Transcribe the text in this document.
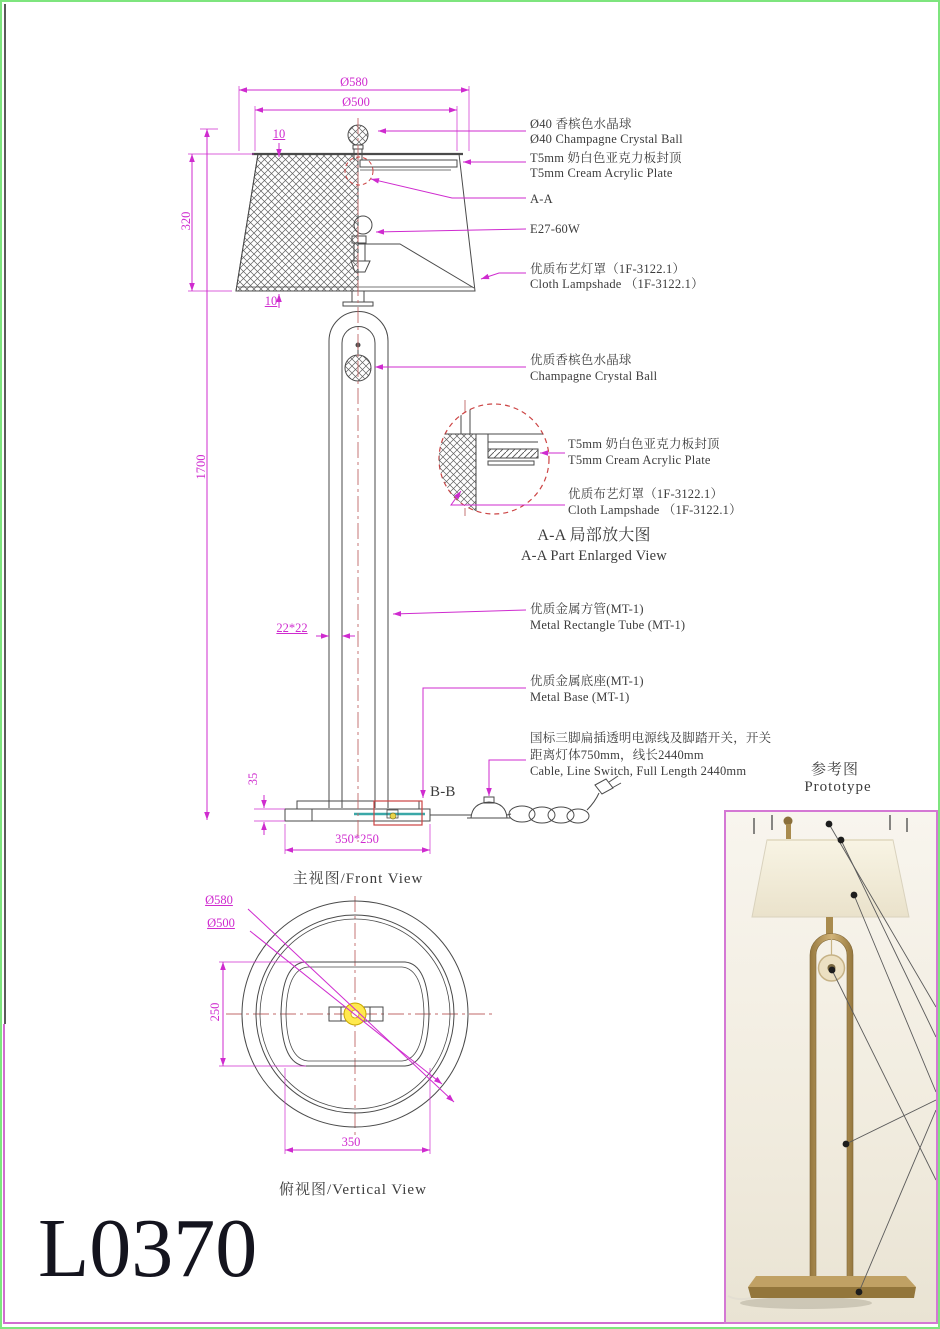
Ø580
Ø500
10
320
10
1700
22*22
35
350*250
Ø580
Ø500
250
350
Ø40 香槟色水晶球
Ø40 Champagne Crystal Ball
T5mm 奶白色亚克力板封顶
T5mm Cream Acrylic Plate
A-A
E27-60W
优质布艺灯罩（1F-3122.1）
Cloth Lampshade （1F-3122.1）
优质香槟色水晶球
Champagne Crystal Ball
T5mm 奶白色亚克力板封顶
T5mm Cream Acrylic Plate
优质布艺灯罩（1F-3122.1）
Cloth Lampshade （1F-3122.1）
A-A 局部放大图
A-A Part Enlarged View
优质金属方管(MT-1)
Metal Rectangle Tube (MT-1)
优质金属底座(MT-1)
Metal Base (MT-1)
国标三脚扁插透明电源线及脚踏开关，开关
距离灯体750mm，线长2440mm
Cable, Line Switch, Full Length 2440mm
B-B
主视图/Front View
俯视图/Vertical View
参考图
Prototype
L0370
